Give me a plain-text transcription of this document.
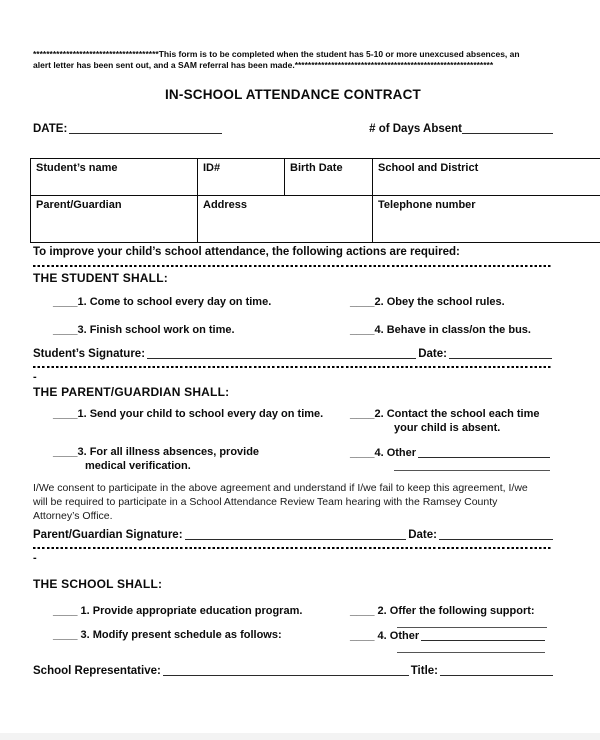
**************************************This form is to be completed when the student has 5-10 or more unexcused absences, an
alert letter has been sent out, and a SAM referral has been made.************************************************************
IN-SCHOOL ATTENDANCE CONTRACT
DATE:	# of Days Absent
Student’s name	ID#	Birth Date	School and District
Parent/Guardian	Address		Telephone number
To improve your child’s school attendance, the following actions are required:
THE STUDENT SHALL:
____1. Come to school every day on time.	____2. Obey the school rules.
____3. Finish school work on time.	____4. Behave in class/on the bus.
Student’s Signature:	Date:
-
THE PARENT/GUARDIAN SHALL:
____1. Send your child to school every day on time. ____2. Contact the school each time
your child is absent.
____3. For all illness absences, provide
medical verification.
____4. Other
I/We consent to participate in the above agreement and understand if I/we fail to keep this agreement, I/we
will be required to participate in a School Attendance Review Team hearing with the Ramsey County
Attorney’s Office.
Parent/Guardian Signature:	Date:
-
THE SCHOOL SHALL:
____ 1. Provide appropriate education program.	____ 2. Offer the following support:
____ 3. Modify present schedule as follows:	____ 4. Other
School Representative:	Title:
